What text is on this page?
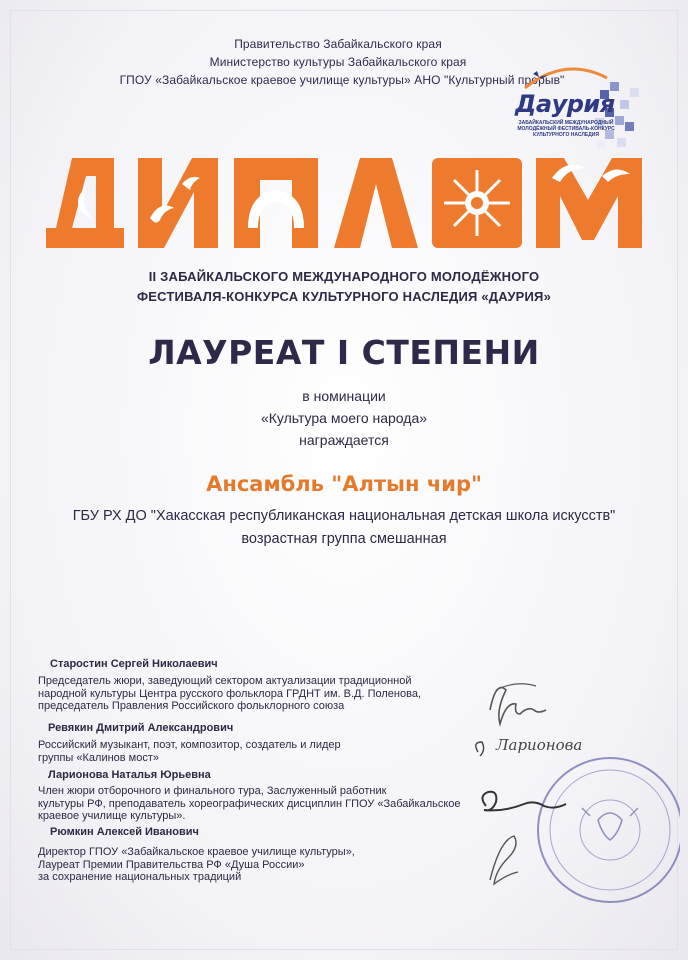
Правительство Забайкальского края
Министерство культуры Забайкальского края
ГПОУ «Забайкальское краевое училище культуры» АНО "Культурный прорыв"
Даурия
ЗАБАЙКАЛЬСКИЙ МЕЖДУНАРОДНЫЙ МОЛОДЁЖНЫЙ ФЕСТИВАЛЬ-КОНКУРС КУЛЬТУРНОГО НАСЛЕДИЯ
II ЗАБАЙКАЛЬСКОГО МЕЖДУНАРОДНОГО МОЛОДЁЖНОГО
ФЕСТИВАЛЯ-КОНКУРСА КУЛЬТУРНОГО НАСЛЕДИЯ «ДАУРИЯ»
ЛАУРЕАТ I СТЕПЕНИ
в номинации
«Культура моего народа»
награждается
Ансамбль "Алтын чир"
ГБУ РХ ДО "Хакасская республиканская национальная детская школа искусств"
возрастная группа смешанная
Старостин Сергей Николаевич
Председатель жюри, заведующий сектором актуализации традиционной
народной культуры Центра русского фольклора ГРДНТ им. В.Д. Поленова,
председатель Правления Российского фольклорного союза
Ревякин Дмитрий Александрович
Российский музыкант, поэт, композитор, создатель и лидер
группы «Калинов мост»
Ларионова Наталья Юрьевна
Член жюри отборочного и финального тура, Заслуженный работник
культуры РФ, преподаватель хореографических дисциплин ГПОУ «Забайкальское
краевое училище культуры».
Рюмкин Алексей Иванович
Директор ГПОУ «Забайкальское краевое училище культуры»,
Лауреат Премии Правительства РФ «Душа России»
за сохранение национальных традиций
Ларионова
